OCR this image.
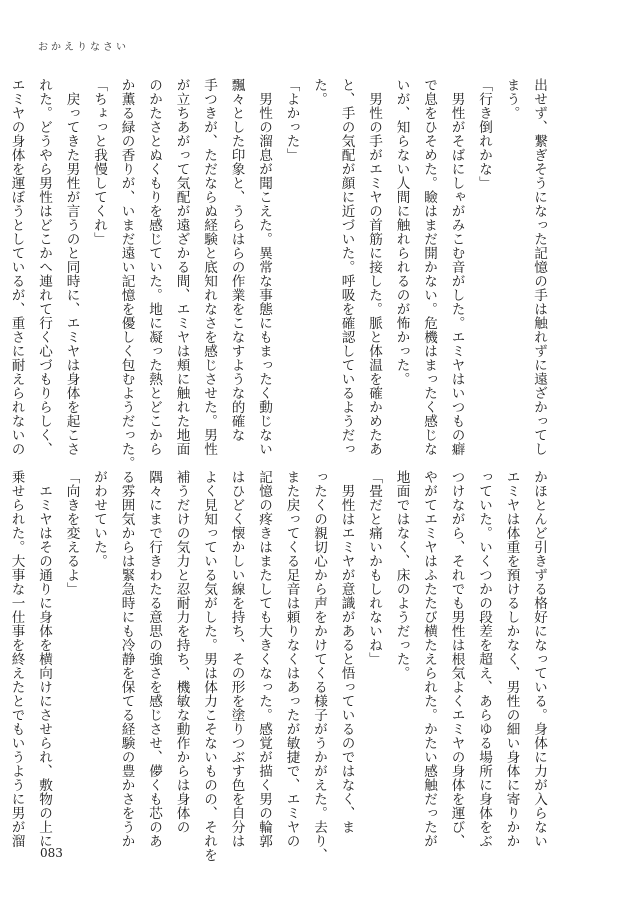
おかえりなさい
出せず、繋ぎそうになった記憶の手は触れずに遠ざかってし
まう。
「行き倒れかな」
　男性がそばにしゃがみこむ音がした。エミヤはいつもの癖
で息をひそめた。瞼はまだ開かない。危機はまったく感じな
いが、知らない人間に触れられるのが怖かった。
　男性の手がエミヤの首筋に接した。脈と体温を確かめたあ
と、手の気配が顔に近づいた。呼吸を確認しているようだっ
た。
「よかった」
　男性の溜息が聞こえた。異常な事態にもまったく動じない
飄々とした印象と、うらはらの作業をこなすような的確な
手つきが、ただならぬ経験と底知れなさを感じさせた。男性
が立ちあがって気配が遠ざかる間、エミヤは頬に触れた地面
のかたさとぬくもりを感じていた。地に凝った熱とどこから
か薫る緑の香りが、いまだ遠い記憶を優しく包むようだった。
「ちょっと我慢してくれ」
　戻ってきた男性が言うのと同時に、エミヤは身体を起こさ
れた。どうやら男性はどこかへ連れて行く心づもりらしく、
エミヤの身体を運ぼうとしているが、重さに耐えられないの
かほとんど引きずる格好になっている。身体に力が入らない
エミヤは体重を預けるしかなく、男性の細い身体に寄りかか
っていた。いくつかの段差を超え、あらゆる場所に身体をぶ
つけながら、それでも男性は根気よくエミヤの身体を運び、
やがてエミヤはふたたび横たえられた。かたい感触だったが
地面ではなく、床のようだった。
「畳だと痛いかもしれないね」
　男性はエミヤが意識があると悟っているのではなく、ま
ったくの親切心から声をかけてくる様子がうかがえた。去り、
また戻ってくる足音は頼りなくはあったが敏捷で、エミヤの
記憶の疼きはまたしても大きくなった。感覚が描く男の輪郭
はひどく懐かしい線を持ち、その形を塗りつぶす色を自分は
よく見知っている気がした。男は体力こそないものの、それを
補うだけの気力と忍耐力を持ち、機敏な動作からは身体の
隅々にまで行きわたる意思の強さを感じさせ、儚くも芯のあ
る雰囲気からは緊急時にも冷静を保てる経験の豊かさをうか
がわせていた。
「向きを変えるよ」
　エミヤはその通りに身体を横向けにさせられ、敷物の上に
乗せられた。大事な一仕事を終えたとでもいうように男が溜
083
